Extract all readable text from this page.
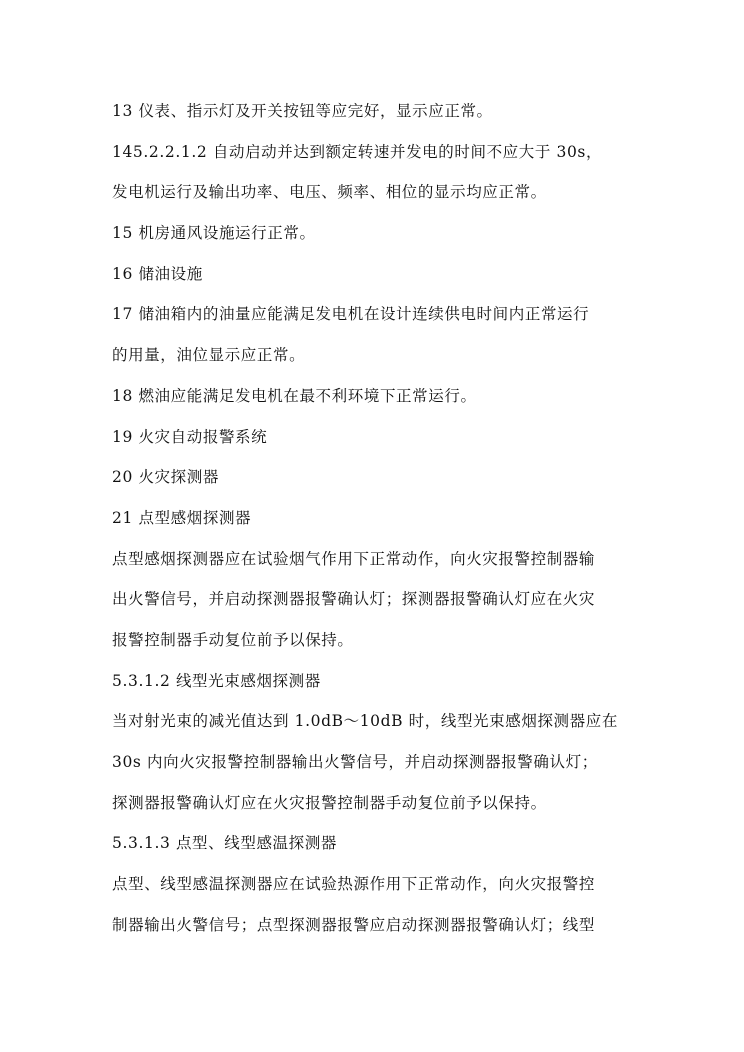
13 仪表、指示灯及开关按钮等应完好，显示应正常。
145.2.2.1.2 自动启动并达到额定转速并发电的时间不应大于 30s，
发电机运行及输出功率、电压、频率、相位的显示均应正常。
15 机房通风设施运行正常。
16 储油设施
17 储油箱内的油量应能满足发电机在设计连续供电时间内正常运行
的用量，油位显示应正常。
18 燃油应能满足发电机在最不利环境下正常运行。
19 火灾自动报警系统
20 火灾探测器
21 点型感烟探测器
点型感烟探测器应在试验烟气作用下正常动作，向火灾报警控制器输
出火警信号，并启动探测器报警确认灯；探测器报警确认灯应在火灾
报警控制器手动复位前予以保持。
5.3.1.2 线型光束感烟探测器
当对射光束的减光值达到 1.0dB～10dB 时，线型光束感烟探测器应在
30s 内向火灾报警控制器输出火警信号，并启动探测器报警确认灯；
探测器报警确认灯应在火灾报警控制器手动复位前予以保持。
5.3.1.3 点型、线型感温探测器
点型、线型感温探测器应在试验热源作用下正常动作，向火灾报警控
制器输出火警信号；点型探测器报警应启动探测器报警确认灯；线型
